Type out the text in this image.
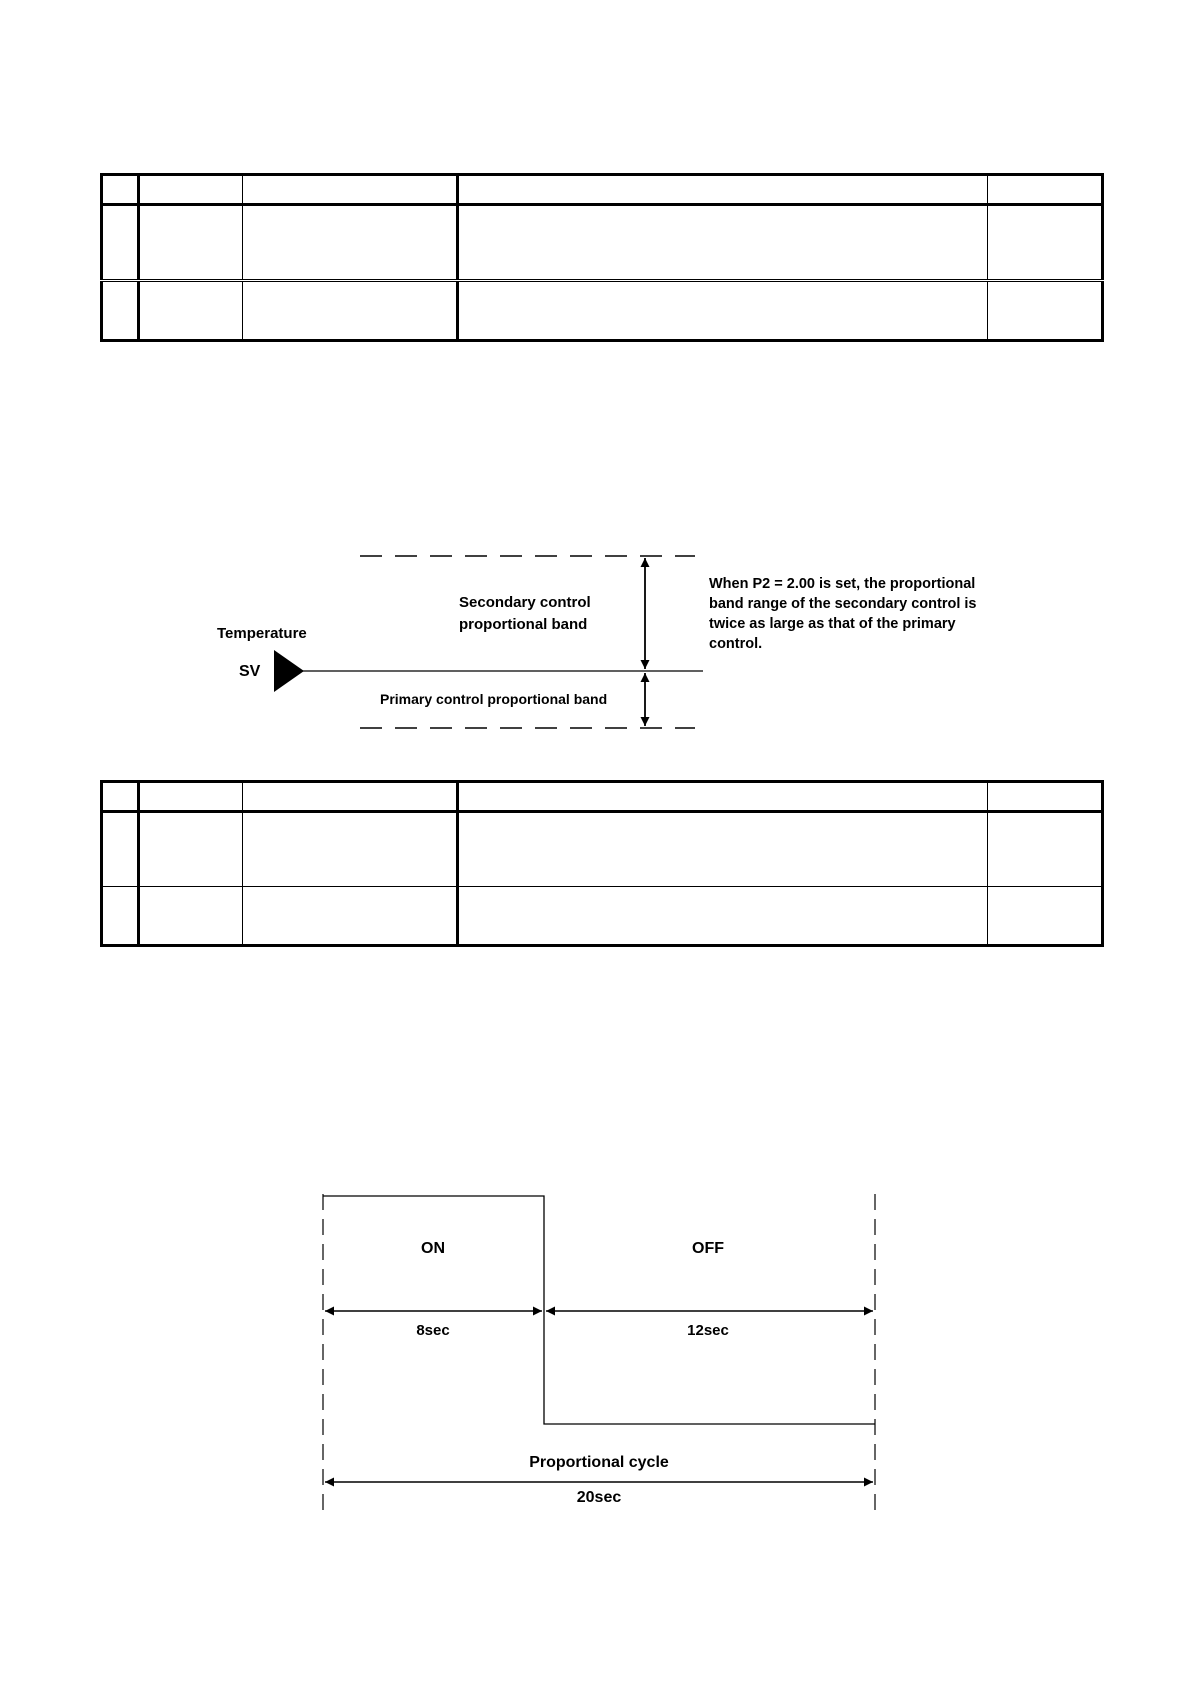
Temperature
SV
Secondary control
proportional band
Primary control proportional band
When P2 = 2.00 is set, the proportional
band range of the secondary control is
twice as large as that of the primary
control.
ON	OFF
8sec	12sec
Proportional cycle
20sec
